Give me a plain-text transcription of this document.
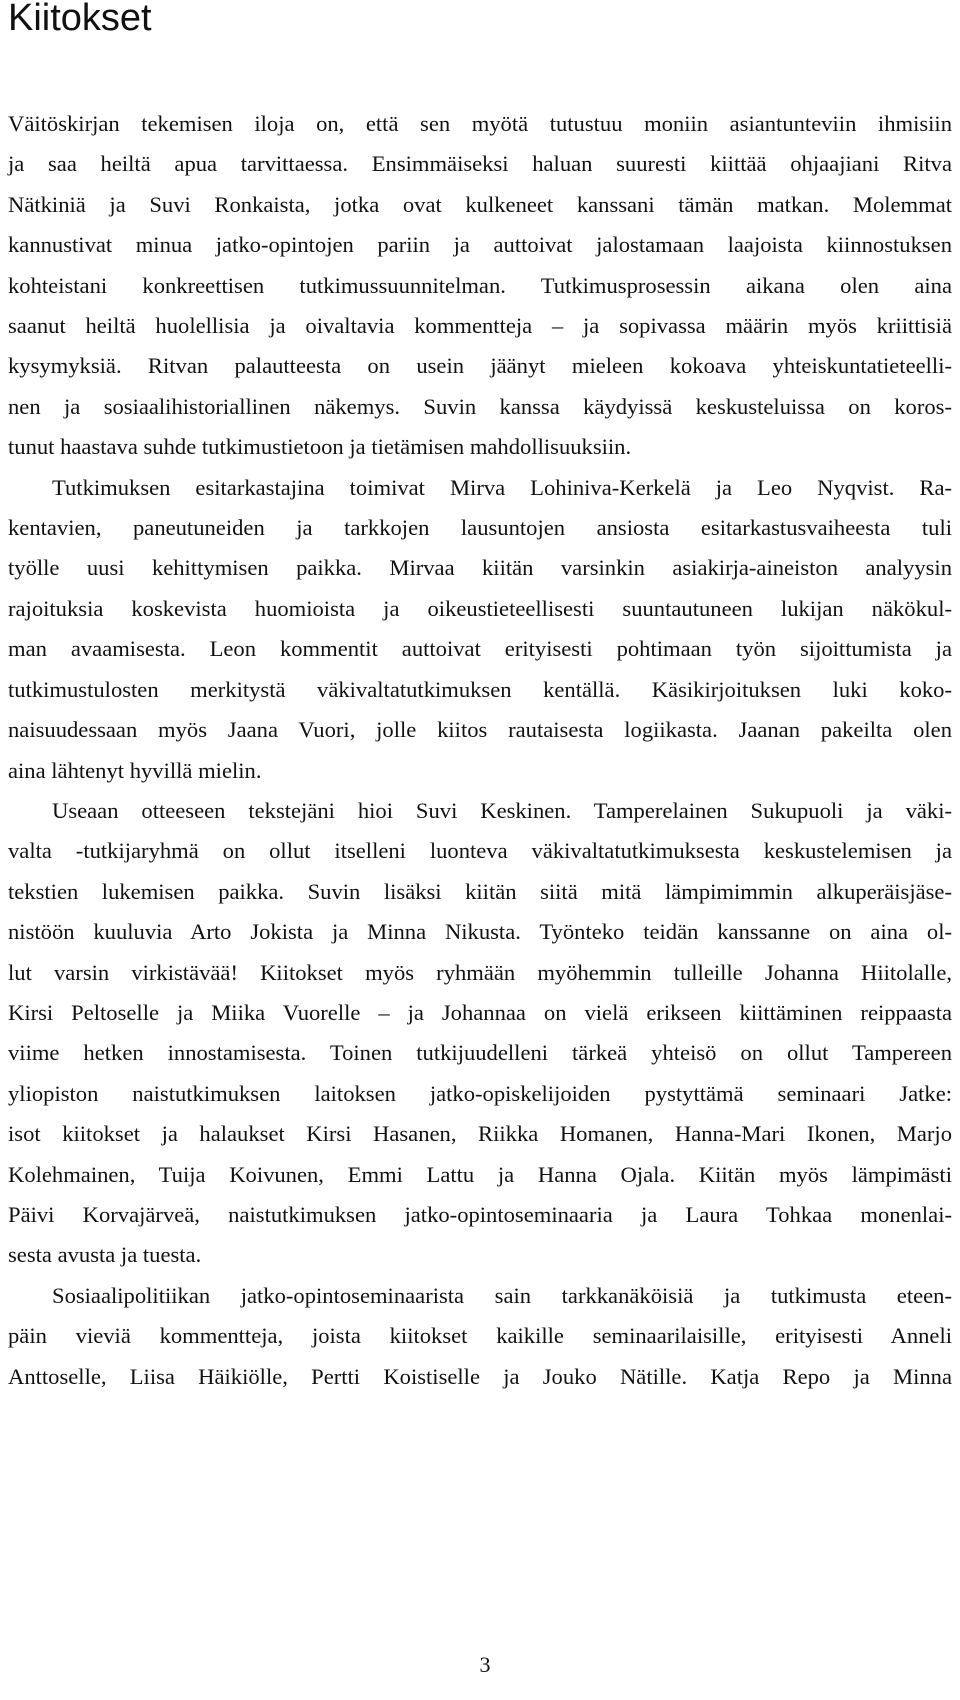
Kiitokset
Väitöskirjan tekemisen iloja on, että sen myötä tutustuu moniin asiantunteviin ihmisiin
ja saa heiltä apua tarvittaessa. Ensimmäiseksi haluan suuresti kiittää ohjaajiani Ritva
Nätkiniä ja Suvi Ronkaista, jotka ovat kulkeneet kanssani tämän matkan. Molemmat
kannustivat minua jatko-opintojen pariin ja auttoivat jalostamaan laajoista kiinnostuksen
kohteistani konkreettisen tutkimussuunnitelman. Tutkimusprosessin aikana olen aina
saanut heiltä huolellisia ja oivaltavia kommentteja – ja sopivassa määrin myös kriittisiä
kysymyksiä. Ritvan palautteesta on usein jäänyt mieleen kokoava yhteiskuntatieteelli-
nen ja sosiaalihistoriallinen näkemys. Suvin kanssa käydyissä keskusteluissa on koros-
tunut haastava suhde tutkimustietoon ja tietämisen mahdollisuuksiin.
Tutkimuksen esitarkastajina toimivat Mirva Lohiniva-Kerkelä ja Leo Nyqvist. Ra-
kentavien, paneutuneiden ja tarkkojen lausuntojen ansiosta esitarkastusvaiheesta tuli
työlle uusi kehittymisen paikka. Mirvaa kiitän varsinkin asiakirja-aineiston analyysin
rajoituksia koskevista huomioista ja oikeustieteellisesti suuntautuneen lukijan näkökul-
man avaamisesta. Leon kommentit auttoivat erityisesti pohtimaan työn sijoittumista ja
tutkimustulosten merkitystä väkivaltatutkimuksen kentällä. Käsikirjoituksen luki koko-
naisuudessaan myös Jaana Vuori, jolle kiitos rautaisesta logiikasta. Jaanan pakeilta olen
aina lähtenyt hyvillä mielin.
Useaan otteeseen tekstejäni hioi Suvi Keskinen. Tamperelainen Sukupuoli ja väki-
valta -tutkijaryhmä on ollut itselleni luonteva väkivaltatutkimuksesta keskustelemisen ja
tekstien lukemisen paikka. Suvin lisäksi kiitän siitä mitä lämpimimmin alkuperäisjäse-
nistöön kuuluvia Arto Jokista ja Minna Nikusta. Työnteko teidän kanssanne on aina ol-
lut varsin virkistävää! Kiitokset myös ryhmään myöhemmin tulleille Johanna Hiitolalle,
Kirsi Peltoselle ja Miika Vuorelle – ja Johannaa on vielä erikseen kiittäminen reippaasta
viime hetken innostamisesta. Toinen tutkijuudelleni tärkeä yhteisö on ollut Tampereen
yliopiston naistutkimuksen laitoksen jatko-opiskelijoiden pystyttämä seminaari Jatke:
isot kiitokset ja halaukset Kirsi Hasanen, Riikka Homanen, Hanna-Mari Ikonen, Marjo
Kolehmainen, Tuija Koivunen, Emmi Lattu ja Hanna Ojala. Kiitän myös lämpimästi
Päivi Korvajärveä, naistutkimuksen jatko-opintoseminaaria ja Laura Tohkaa monenlai-
sesta avusta ja tuesta.
Sosiaalipolitiikan jatko-opintoseminaarista sain tarkkanäköisiä ja tutkimusta eteen-
päin vieviä kommentteja, joista kiitokset kaikille seminaarilaisille, erityisesti Anneli
Anttoselle, Liisa Häikiölle, Pertti Koistiselle ja Jouko Nätille. Katja Repo ja Minna
3
